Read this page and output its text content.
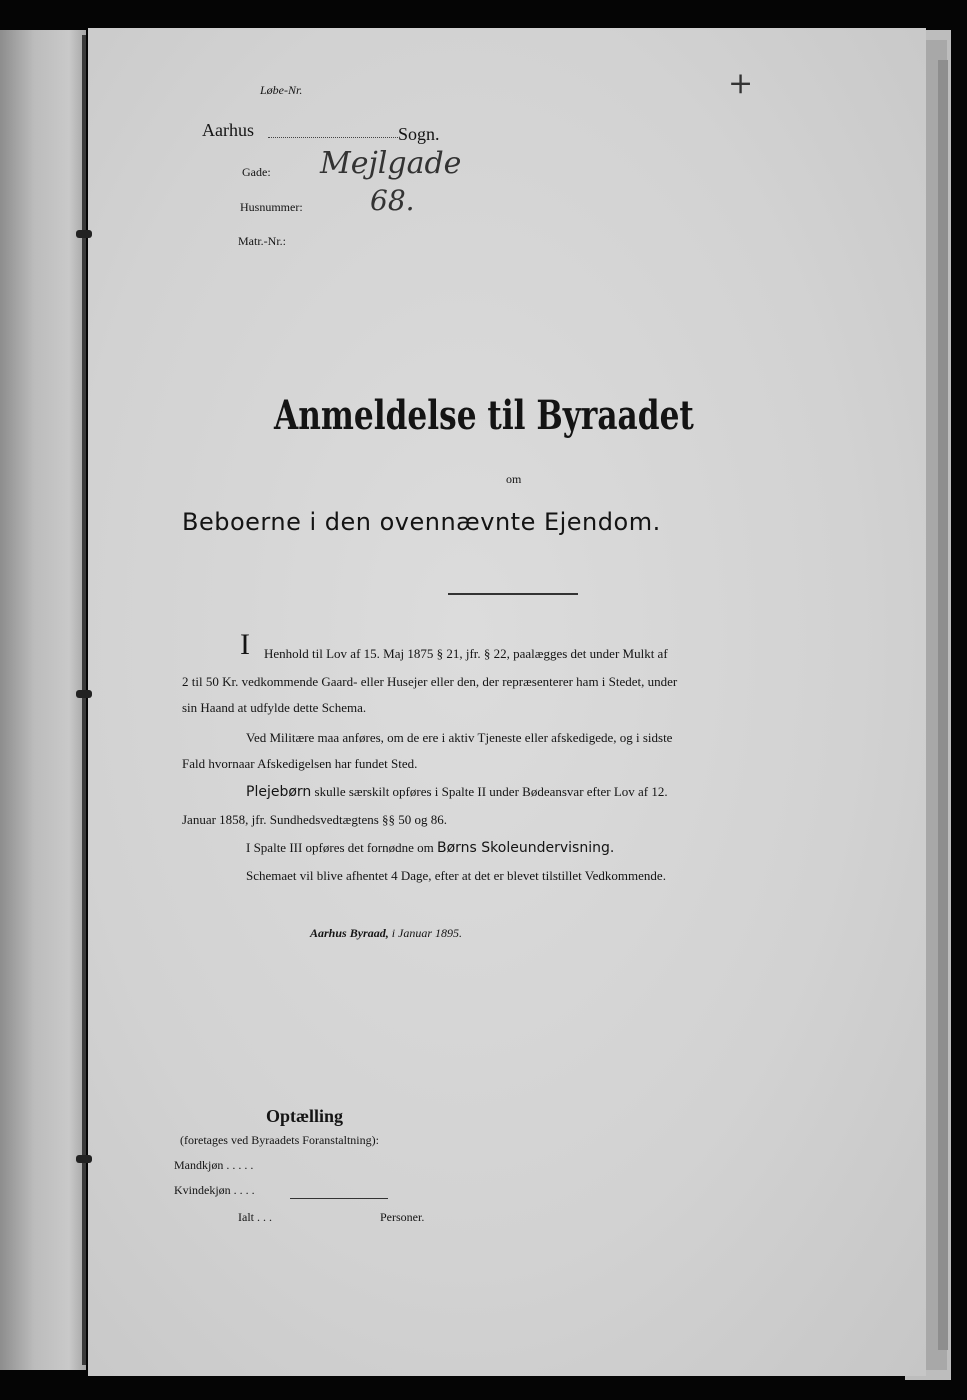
Løbe-Nr.	+
Aarhus	Sogn.
Gade: Mejlgade
Husnummer: 68.
Matr.-Nr.:
Anmeldelse til Byraadet
om
Beboerne i den ovennævnte Ejendom.
I Henhold til Lov af 15. Maj 1875 § 21, jfr. § 22, paalægges det under Mulkt af
2 til 50 Kr. vedkommende Gaard- eller Husejer eller den, der repræsenterer ham i Stedet, under
sin Haand at udfylde dette Schema.
Ved Militære maa anføres, om de ere i aktiv Tjeneste eller afskedigede, og i sidste
Fald hvornaar Afskedigelsen har fundet Sted.
Plejebørn skulle særskilt opføres i Spalte II under Bødeansvar efter Lov af 12.
Januar 1858, jfr. Sundhedsvedtægtens §§ 50 og 86.
I Spalte III opføres det fornødne om Børns Skoleundervisning.
Schemaet vil blive afhentet 4 Dage, efter at det er blevet tilstillet Vedkommende.
Aarhus Byraad, i Januar 1895.
Optælling
(foretages ved Byraadets Foranstaltning):
Mandkjøn . . . . .
Kvindekjøn . . . .
Ialt . . .	Personer.
